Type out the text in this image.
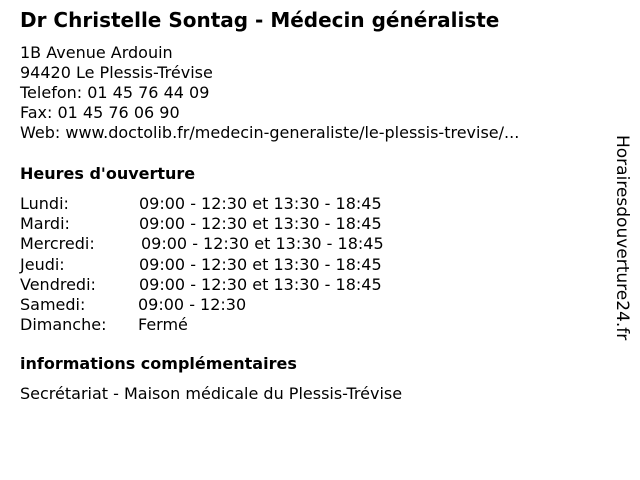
Dr Christelle Sontag - Médecin généraliste
1B Avenue Ardouin
94420 Le Plessis-Trévise
Telefon: 01 45 76 44 09
Fax: 01 45 76 06 90
Web: www.doctolib.fr/medecin-generaliste/le-plessis-trevise/...
Heures d'ouverture
Lundi:	09:00 - 12:30 et 13:30 - 18:45
Mardi:	09:00 - 12:30 et 13:30 - 18:45
Mercredi:	09:00 - 12:30 et 13:30 - 18:45
Jeudi:	09:00 - 12:30 et 13:30 - 18:45
Vendredi:	09:00 - 12:30 et 13:30 - 18:45
Samedi:	09:00 - 12:30
Dimanche:	Fermé
informations complémentaires
Secrétariat - Maison médicale du Plessis-Trévise
Horairesdouverture24.fr
